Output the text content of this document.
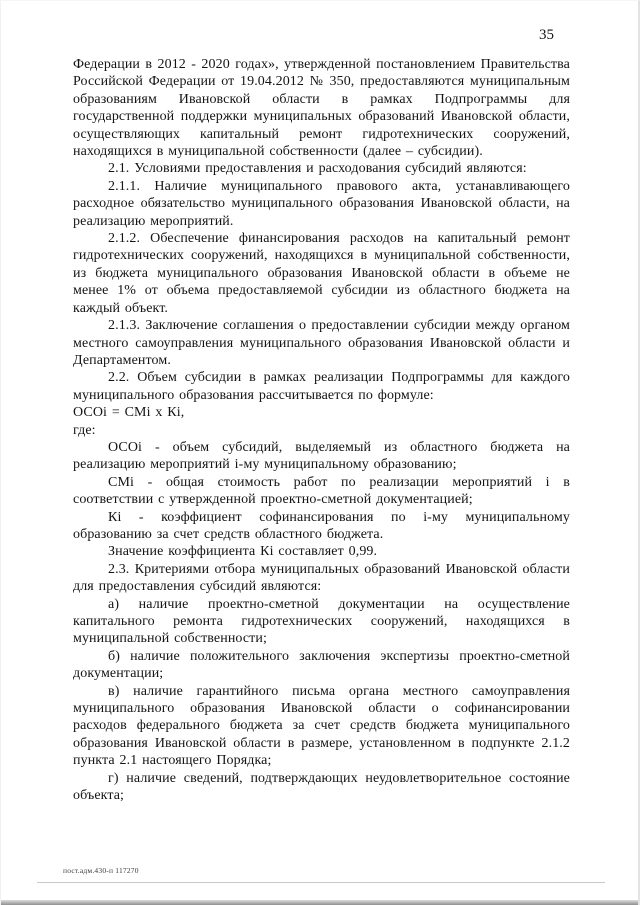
35

Федерации в 2012 - 2020 годах», утвержденной постановлением Правительства Российской Федерации от 19.04.2012 № 350, предоставляются муниципальным образованиям Ивановской области в рамках Подпрограммы для государственной поддержки муниципальных образований Ивановской области, осуществляющих капитальный ремонт гидротехнических сооружений, находящихся в муниципальной собственности (далее – субсидии).

2.1. Условиями предоставления и расходования субсидий являются:

2.1.1. Наличие муниципального правового акта, устанавливающего расходное обязательство муниципального образования Ивановской области, на реализацию мероприятий.

2.1.2. Обеспечение финансирования расходов на капитальный ремонт гидротехнических сооружений, находящихся в муниципальной собственности, из бюджета муниципального образования Ивановской области в объеме не менее 1% от объема предоставляемой субсидии из областного бюджета на каждый объект.

2.1.3. Заключение соглашения о предоставлении субсидии между органом местного самоуправления муниципального образования Ивановской области и Департаментом.

2.2. Объем субсидии в рамках реализации Подпрограммы для каждого муниципального образования рассчитывается по формуле:

ОСОi = СМi x Кi,

где:

ОСОi - объем субсидий, выделяемый из областного бюджета на реализацию мероприятий i-му муниципальному образованию;

СМi - общая стоимость работ по реализации мероприятий i в соответствии с утвержденной проектно-сметной документацией;

Кi - коэффициент софинансирования по i-му муниципальному образованию за счет средств областного бюджета.

Значение коэффициента Кi составляет 0,99.

2.3. Критериями отбора муниципальных образований Ивановской области для предоставления субсидий являются:

а) наличие проектно-сметной документации на осуществление капитального ремонта гидротехнических сооружений, находящихся в муниципальной собственности;

б) наличие положительного заключения экспертизы проектно-сметной документации;

в) наличие гарантийного письма органа местного самоуправления муниципального образования Ивановской области о софинансировании расходов федерального бюджета за счет средств бюджета муниципального образования Ивановской области в размере, установленном в подпункте 2.1.2 пункта 2.1 настоящего Порядка;

г) наличие сведений, подтверждающих неудовлетворительное состояние объекта;

пост.адм.430-п 117270
